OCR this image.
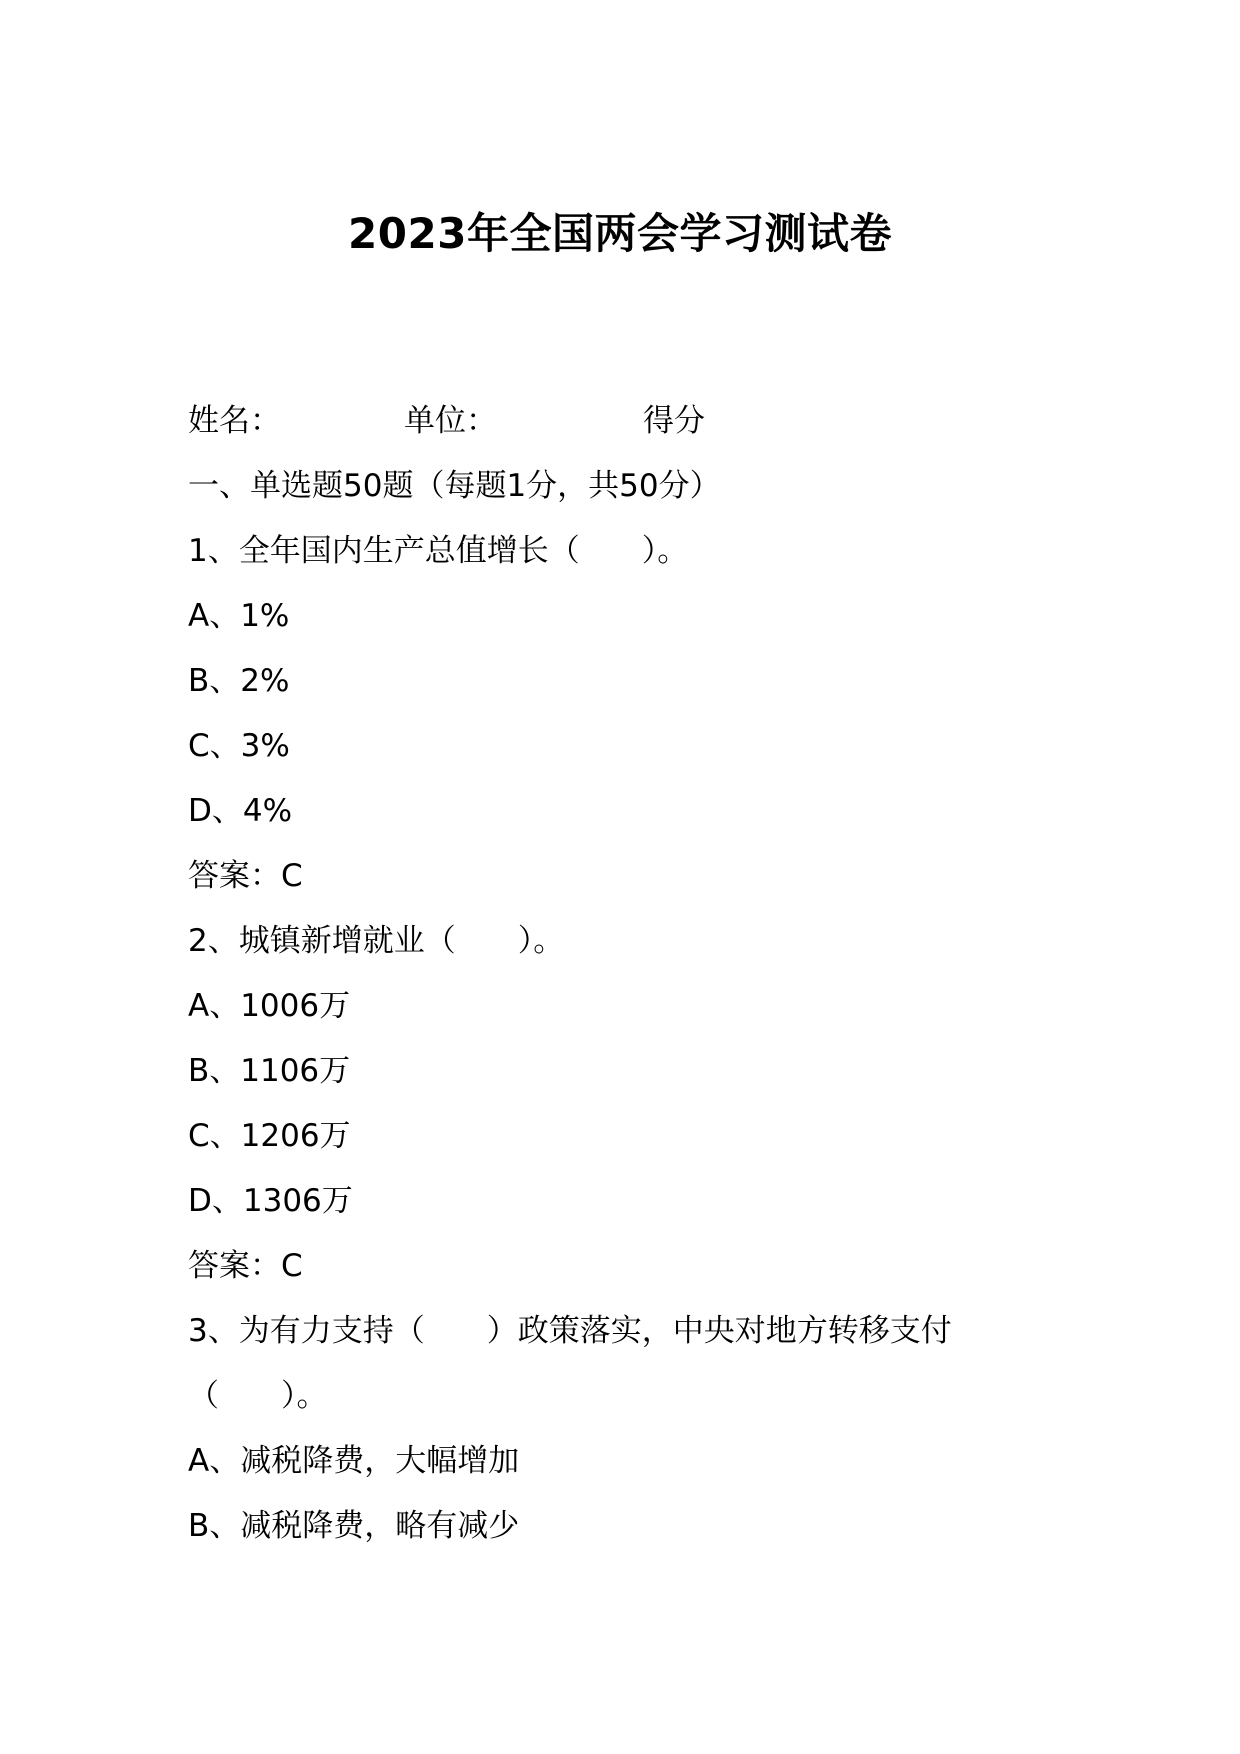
2023年全国两会学习测试卷
姓名：	单位：	得分
一、单选题50题（每题1分，共50分）
1、全年国内生产总值增长（　　）。
A、1%
B、2%
C、3%
D、4%
答案：C
2、城镇新增就业（　　）。
A、1006万
B、1106万
C、1206万
D、1306万
答案：C
3、为有力支持（　　）政策落实，中央对地方转移支付（　　）。
A、减税降费，大幅增加
B、减税降费，略有减少
